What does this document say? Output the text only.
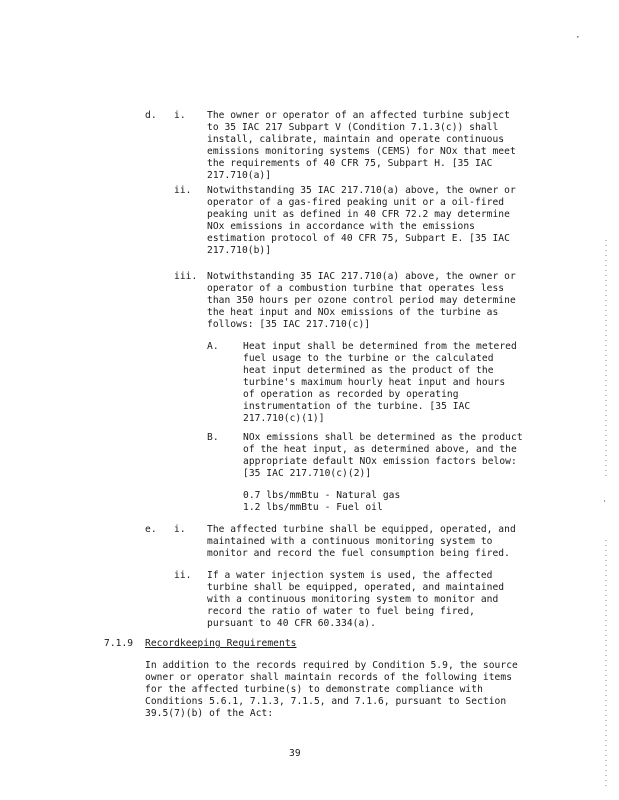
d. i. The owner or operator of an affected turbine subject
to 35 IAC 217 Subpart V (Condition 7.1.3(c)) shall
install, calibrate, maintain and operate continuous
emissions monitoring systems (CEMS) for NOx that meet
the requirements of 40 CFR 75, Subpart H. [35 IAC
217.710(a)]
ii. Notwithstanding 35 IAC 217.710(a) above, the owner or
operator of a gas-fired peaking unit or a oil-fired
peaking unit as defined in 40 CFR 72.2 may determine
NOx emissions in accordance with the emissions
estimation protocol of 40 CFR 75, Subpart E. [35 IAC
217.710(b)]
iii. Notwithstanding 35 IAC 217.710(a) above, the owner or
operator of a combustion turbine that operates less
than 350 hours per ozone control period may determine
the heat input and NOx emissions of the turbine as
follows: [35 IAC 217.710(c)]
A.	Heat input shall be determined from the metered
fuel usage to the turbine or the calculated
heat input determined as the product of the
turbine's maximum hourly heat input and hours
of operation as recorded by operating
instrumentation of the turbine. [35 IAC
217.710(c)(1)]
B.	NOx emissions shall be determined as the product
of the heat input, as determined above, and the
appropriate default NOx emission factors below:
[35 IAC 217.710(c)(2)]
0.7 lbs/mmBtu - Natural gas
1.2 lbs/mmBtu - Fuel oil
e. i. The affected turbine shall be equipped, operated, and
maintained with a continuous monitoring system to
monitor and record the fuel consumption being fired.
ii. If a water injection system is used, the affected
turbine shall be equipped, operated, and maintained
with a continuous monitoring system to monitor and
record the ratio of water to fuel being fired,
pursuant to 40 CFR 60.334(a).
7.1.9 Recordkeeping Requirements
In addition to the records required by Condition 5.9, the source
owner or operator shall maintain records of the following items
for the affected turbine(s) to demonstrate compliance with
Conditions 5.6.1, 7.1.3, 7.1.5, and 7.1.6, pursuant to Section
39.5(7)(b) of the Act:
39
